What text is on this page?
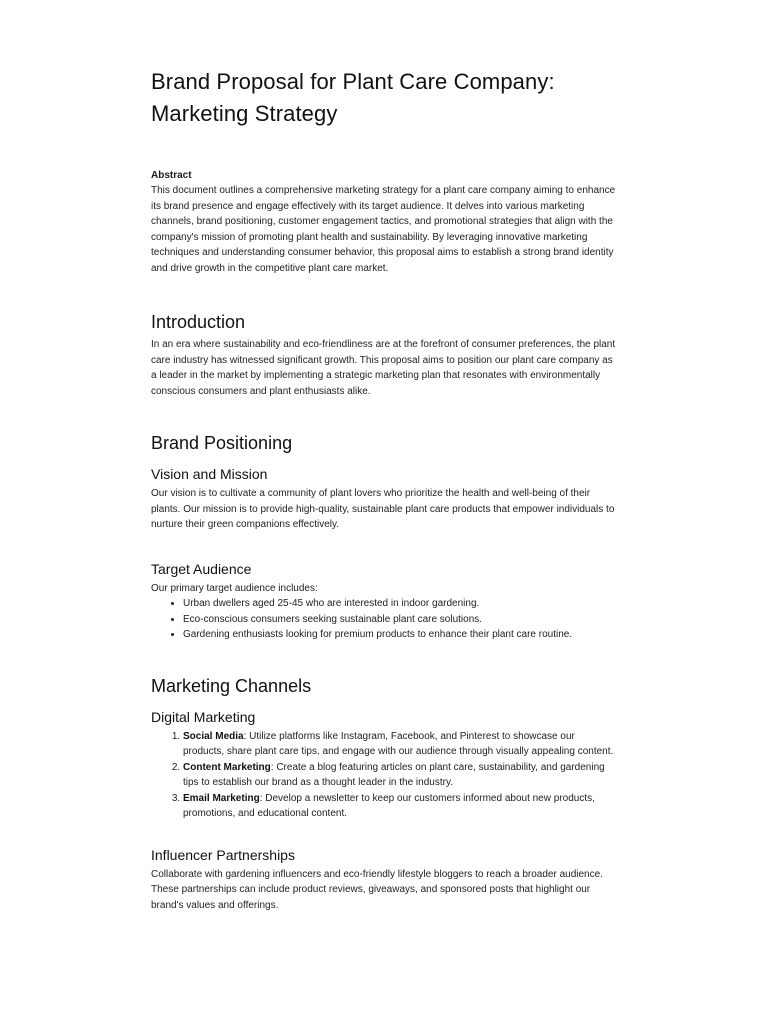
Brand Proposal for Plant Care Company:
Marketing Strategy
Abstract

This document outlines a comprehensive marketing strategy for a plant care company aiming to enhance its brand presence and engage effectively with its target audience. It delves into various marketing channels, brand positioning, customer engagement tactics, and promotional strategies that align with the company's mission of promoting plant health and sustainability. By leveraging innovative marketing techniques and understanding consumer behavior, this proposal aims to establish a strong brand identity and drive growth in the competitive plant care market.

Introduction

In an era where sustainability and eco-friendliness are at the forefront of consumer preferences, the plant care industry has witnessed significant growth. This proposal aims to position our plant care company as a leader in the market by implementing a strategic marketing plan that resonates with environmentally conscious consumers and plant enthusiasts alike.

Brand Positioning
Vision and Mission

Our vision is to cultivate a community of plant lovers who prioritize the health and well-being of their plants. Our mission is to provide high-quality, sustainable plant care products that empower individuals to nurture their green companions effectively.

Target Audience

Our primary target audience includes:

• Urban dwellers aged 25-45 who are interested in indoor gardening.
• Eco-conscious consumers seeking sustainable plant care solutions.
• Gardening enthusiasts looking for premium products to enhance their plant care routine.
Marketing Channels
Digital Marketing
1. Social Media: Utilize platforms like Instagram, Facebook, and Pinterest to showcase our products, share plant care tips, and engage with our audience through visually appealing content.
2. Content Marketing: Create a blog featuring articles on plant care, sustainability, and gardening tips to establish our brand as a thought leader in the industry.
3. Email Marketing: Develop a newsletter to keep our customers informed about new products, promotions, and educational content.
Influencer Partnerships

Collaborate with gardening influencers and eco-friendly lifestyle bloggers to reach a broader audience. These partnerships can include product reviews, giveaways, and sponsored posts that highlight our brand's values and offerings.
